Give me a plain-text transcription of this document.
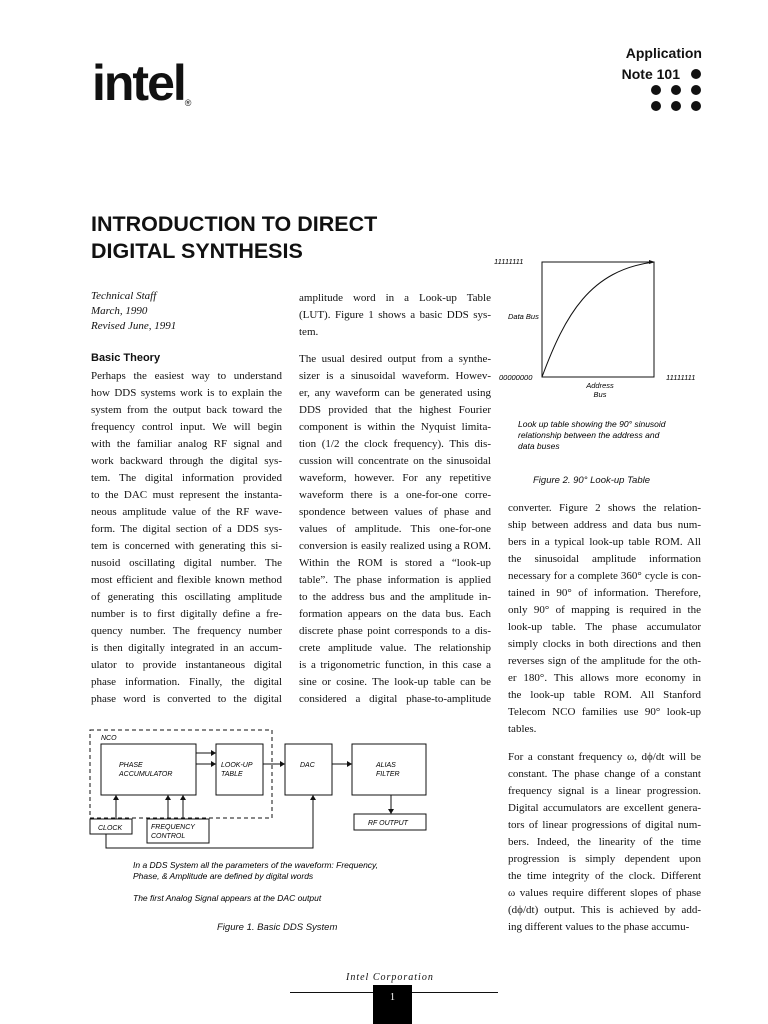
intel®
Application
Note 101
INTRODUCTION TO DIRECT
DIGITAL SYNTHESIS
Technical Staff
March, 1990
Revised June, 1991
Basic Theory
Perhaps the easiest way to understand
how DDS systems work is to explain the
system from the output back toward the
frequency control input. We will begin
with the familiar analog RF signal and
work backward through the digital sys-
tem. The digital information provided
to the DAC must represent the instanta-
neous amplitude value of the RF wave-
form. The digital section of a DDS sys-
tem is concerned with generating this si-
nusoid oscillating digital number. The
most efficient and flexible known method
of generating this oscillating amplitude
number is to first digitally define a fre-
quency number. The frequency number
is then digitally integrated in an accum-
ulator to provide instantaneous digital
phase information. Finally, the digital
phase word is converted to the digital
amplitude word in a Look-up Table
(LUT). Figure 1 shows a basic DDS sys-
tem.
The usual desired output from a synthe-
sizer is a sinusoidal waveform. Howev-
er, any waveform can be generated using
DDS provided that the highest Fourier
component is within the Nyquist limita-
tion (1/2 the clock frequency). This dis-
cussion will concentrate on the sinusoidal
waveform, however. For any repetitive
waveform there is a one-for-one corre-
spondence between values of phase and
values of amplitude. This one-for-one
conversion is easily realized using a ROM.
Within the ROM is stored a “look-up
table”. The phase information is applied
to the address bus and the amplitude in-
formation appears on the data bus. Each
discrete phase point corresponds to a dis-
crete amplitude value. The relationship
is a trigonometric function, in this case a
sine or cosine. The look-up table can be
considered a digital phase-to-amplitude
converter. Figure 2 shows the relation-
ship between address and data bus num-
bers in a typical look-up table ROM. All
the sinusoidal amplitude information
necessary for a complete 360° cycle is con-
tained in 90° of information. Therefore,
only 90° of mapping is required in the
look-up table. The phase accumulator
simply clocks in both directions and then
reverses sign of the amplitude for the oth-
er 180°. This allows more economy in
the look-up table ROM. All Stanford
Telecom NCO families use 90° look-up
tables.
For a constant frequency ω, dϕ/dt will be
constant. The phase change of a constant
frequency signal is a linear progression.
Digital accumulators are excellent genera-
tors of linear progressions of digital num-
bers. Indeed, the linearity of the time
progression is simply dependent upon
the time integrity of the clock. Different
ω values require different slopes of phase
(dϕ/dt) output. This is achieved by add-
ing different values to the phase accumu-
11111111
Data Bus
00000000	11111111
Address
Bus
Look up table showing the 90° sinusoid
relationship between the address and
data buses
Figure 2. 90° Look-up Table
NCO
PHASE
ACCUMULATOR
LOOK-UP
TABLE
DAC	ALIAS
FILTER
RF OUTPUT
CLOCK	FREQUENCY
CONTROL
In a DDS System all the parameters of the waveform: Frequency,
Phase, & Amplitude are defined by digital words
The first Analog Signal appears at the DAC output
Figure 1. Basic DDS System
Intel Corporation
1
